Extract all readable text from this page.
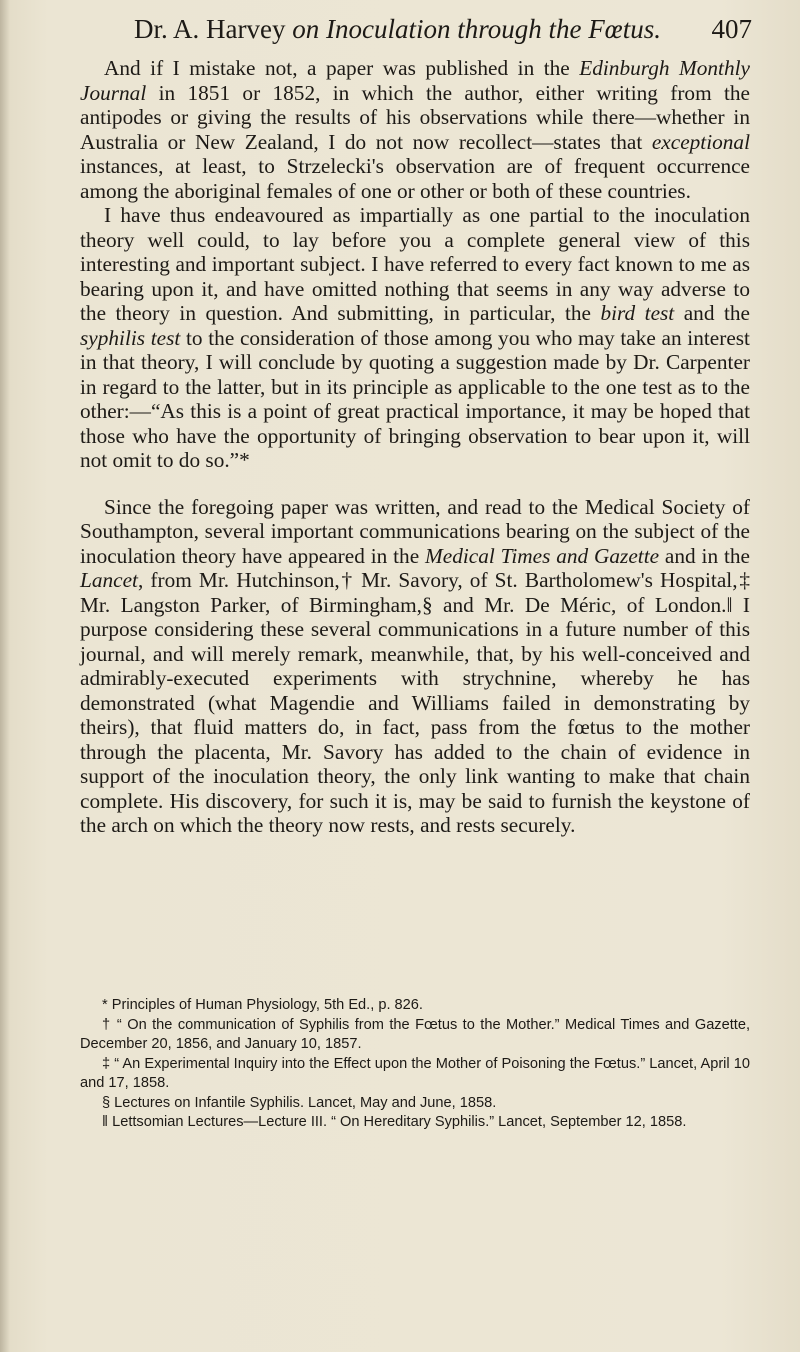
Dr. A. Harvey on Inoculation through the Fœtus. 407

And if I mistake not, a paper was published in the Edinburgh Monthly Journal in 1851 or 1852, in which the author, either writing from the antipodes or giving the results of his observations while there—whether in Australia or New Zealand, I do not now recollect—states that exceptional instances, at least, to Strzelecki's observation are of frequent occurrence among the aboriginal females of one or other or both of these countries.

I have thus endeavoured as impartially as one partial to the inoculation theory well could, to lay before you a complete general view of this interesting and important subject. I have referred to every fact known to me as bearing upon it, and have omitted nothing that seems in any way adverse to the theory in question. And submitting, in particular, the bird test and the syphilis test to the consideration of those among you who may take an interest in that theory, I will conclude by quoting a suggestion made by Dr. Carpenter in regard to the latter, but in its principle as applicable to the one test as to the other:—“As this is a point of great practical importance, it may be hoped that those who have the opportunity of bringing observation to bear upon it, will not omit to do so.”*

Since the foregoing paper was written, and read to the Medical Society of Southampton, several important communications bearing on the subject of the inoculation theory have appeared in the Medical Times and Gazette and in the Lancet, from Mr. Hutchinson,† Mr. Savory, of St. Bartholomew's Hospital,‡ Mr. Langston Parker, of Birmingham,§ and Mr. De Méric, of London.‖ I purpose considering these several communications in a future number of this journal, and will merely remark, meanwhile, that, by his well-conceived and admirably-executed experiments with strychnine, whereby he has demonstrated (what Magendie and Williams failed in demonstrating by theirs), that fluid matters do, in fact, pass from the fœtus to the mother through the placenta, Mr. Savory has added to the chain of evidence in support of the inoculation theory, the only link wanting to make that chain complete. His discovery, for such it is, may be said to furnish the keystone of the arch on which the theory now rests, and rests securely.

* Principles of Human Physiology, 5th Ed., p. 826.

† “ On the communication of Syphilis from the Fœtus to the Mother.” Medical Times and Gazette, December 20, 1856, and January 10, 1857.

‡ “ An Experimental Inquiry into the Effect upon the Mother of Poisoning the Fœtus.” Lancet, April 10 and 17, 1858.

§ Lectures on Infantile Syphilis. Lancet, May and June, 1858.

‖ Lettsomian Lectures—Lecture III. “ On Hereditary Syphilis.” Lancet, September 12, 1858.
